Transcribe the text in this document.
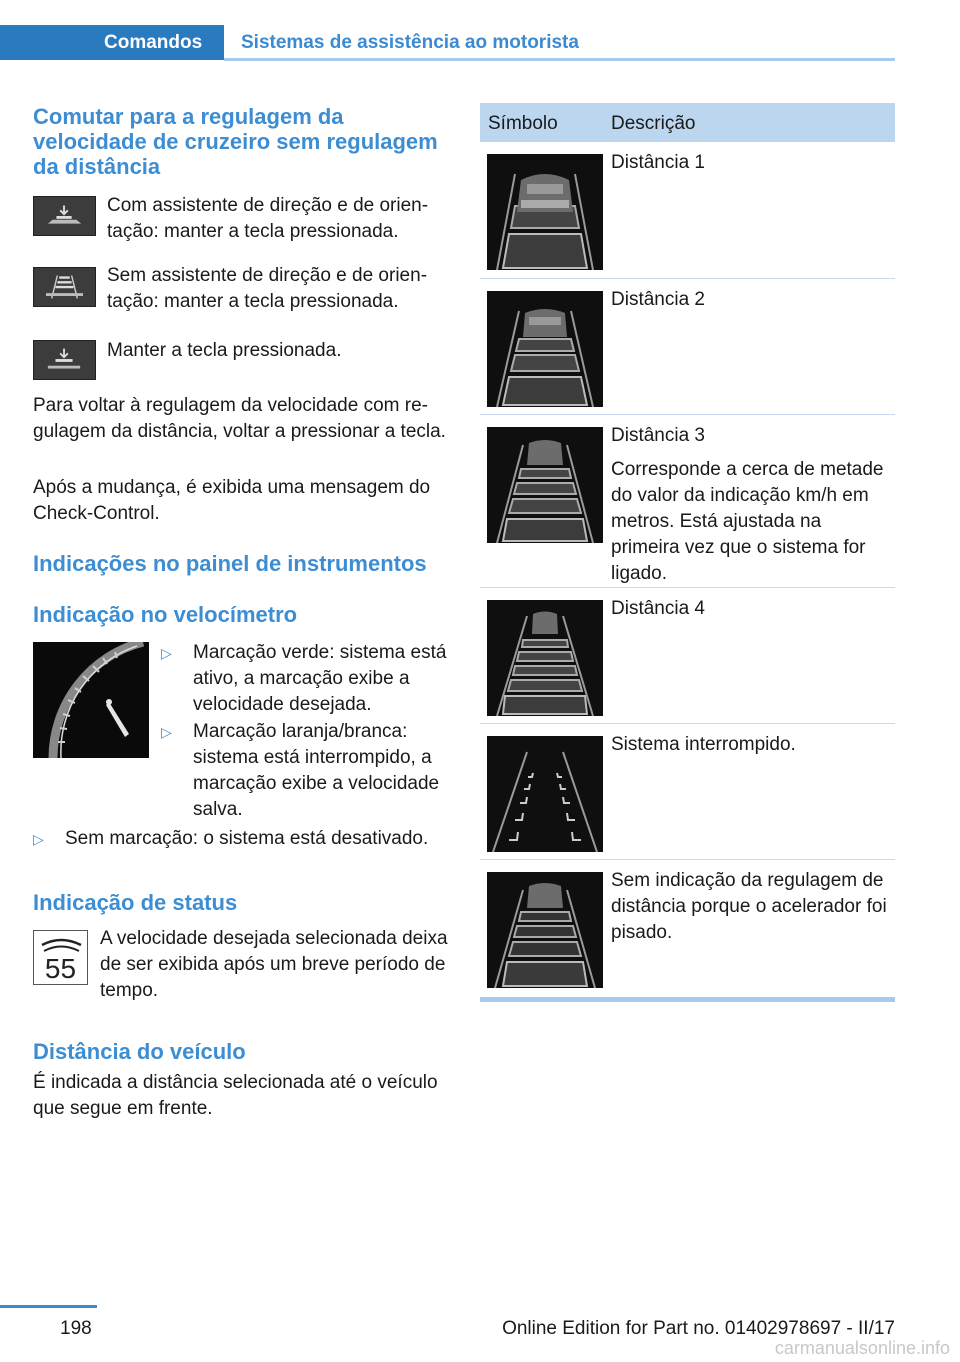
Comandos	Sistemas de assistência ao motorista
Comutar para a regulagem da velocidade de cruzeiro sem regulagem da distância
Com assistente de direção e de orientação: manter a tecla pressionada.
Sem assistente de direção e de orientação: manter a tecla pressionada.
Manter a tecla pressionada.
Para voltar à regulagem da velocidade com regulagem da distância, voltar a pressionar a tecla.
Após a mudança, é exibida uma mensagem do Check-Control.
Indicações no painel de instrumentos
Indicação no velocímetro
▷ Marcação verde: sistema está ativo, a marcação exibe a velocidade desejada.
▷ Marcação laranja/branca: sistema está interrompido, a marcação exibe a velocidade salva.
▷ Sem marcação: o sistema está desativado.
Indicação de status
55
A velocidade desejada selecionada deixa de ser exibida após um breve período de tempo.
Distância do veículo
É indicada a distância selecionada até o veículo que segue em frente.
Símbolo	Descrição

Distância 1

Distância 2

Distância 3

Corresponde a cerca de metade do valor da indicação km/h em metros. Está ajustada na primeira vez que o sistema for ligado.

Distância 4

Sistema interrompido.

Sem indicação da regulagem de distância porque o acelerador foi pisado.

198	Online Edition for Part no. 01402978697 - II/17
carmanualsonline.info
